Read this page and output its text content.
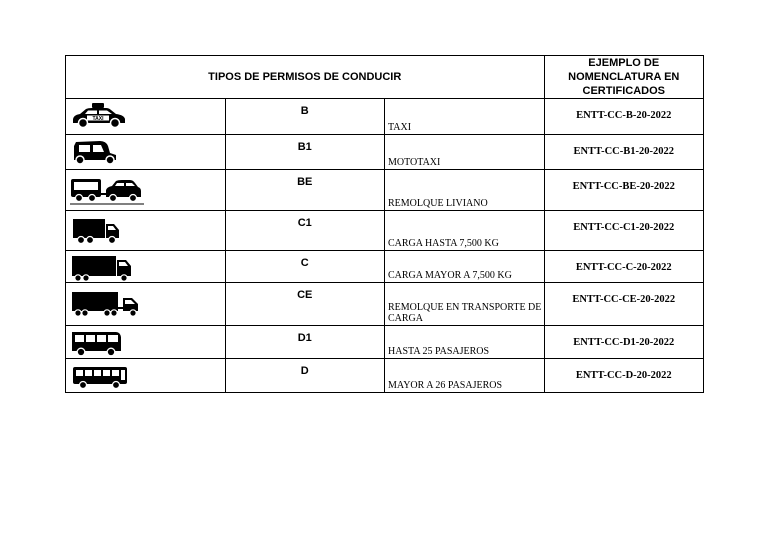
TIPOS DE PERMISOS DE CONDUCIR			EJEMPLO DE NOMENCLATURA EN CERTIFICADOS

TAXI	B	TAXI	ENTT-CC-B-20-2022

	B1	MOTOTAXI	ENTT-CC-B1-20-2022

	BE	REMOLQUE LIVIANO	ENTT-CC-BE-20-2022

	C1	CARGA HASTA 7,500 KG	ENTT-CC-C1-20-2022

	C	CARGA MAYOR A 7,500 KG	ENTT-CC-C-20-2022

	CE	REMOLQUE EN TRANSPORTE DE CARGA	ENTT-CC-CE-20-2022

	D1	HASTA 25 PASAJEROS	ENTT-CC-D1-20-2022

	D	MAYOR A 26 PASAJEROS	ENTT-CC-D-20-2022
